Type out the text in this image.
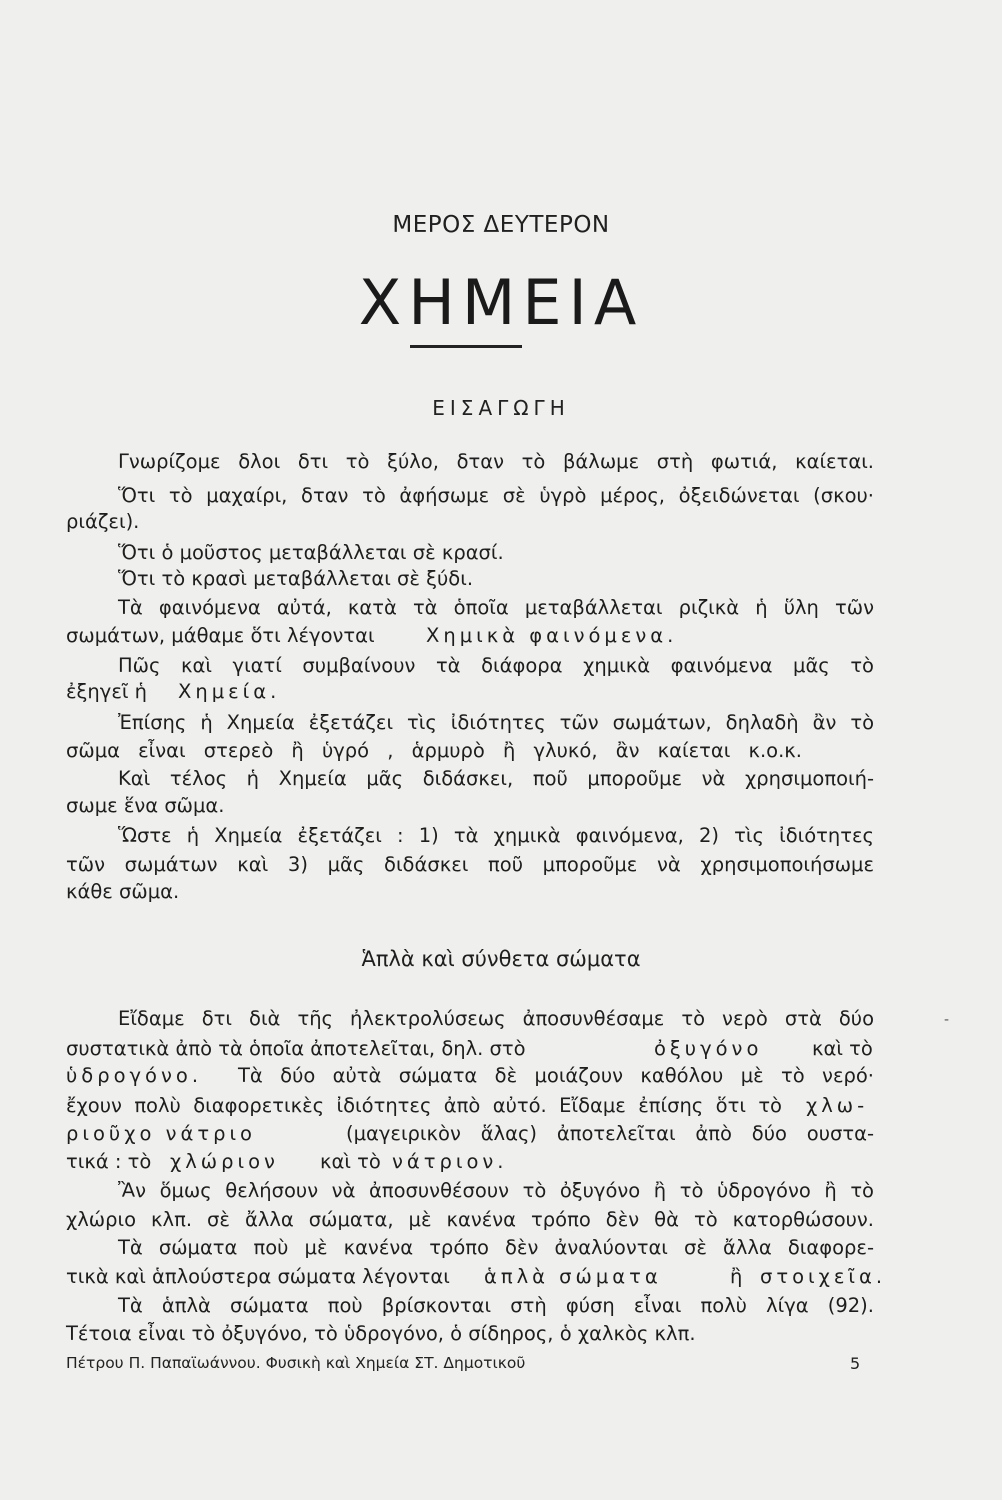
ΜΕΡΟΣ ΔΕΥΤΕΡΟΝ
ΧΗΜΕΙΑ
ΕΙΣΑΓΩΓΗ
Γνωρίζομε δλοι δτι τὸ ξύλο, δταν τὸ βάλωμε στὴ φωτιά, καίεται.
Ὅτι τὸ μαχαίρι, δταν τὸ ἀφήσωμε σὲ ὑγρὸ μέρος, ὀξειδώνεται (σκου·
ριάζει).
Ὅτι ὁ μοῦστος μεταβάλλεται σὲ κρασί.
Ὅτι τὸ κρασὶ μεταβάλλεται σὲ ξύδι.
Τὰ φαινόμενα αὐτά, κατὰ τὰ ὁποῖα μεταβάλλεται ριζικὰ ἡ ὕλη τῶν
σωμάτων, μάθαμε ὅτι λέγονται	Χημικὰ φαινόμενα.
Πῶς καὶ γιατί συμβαίνουν τὰ διάφορα χημικὰ φαινόμενα μᾶς τὸ
ἐξηγεῖ ἡ Χημεία.
Ἐπίσης ἡ Χημεία ἐξετάζει τὶς ἰδιότητες τῶν σωμάτων, δηλαδὴ ἂν τὸ
σῶμα εἶναι στερεὸ ἢ ὑγρό , ἁρμυρὸ ἢ γλυκό, ἂν καίεται κ.ο.κ.
Καὶ τέλος ἡ Χημεία μᾶς διδάσκει, ποῦ μποροῦμε νὰ χρησιμοποιή-
σωμε ἕνα σῶμα.
Ὥστε ἡ Χημεία ἐξετάζει : 1) τὰ χημικὰ φαινόμενα, 2) τὶς ἰδιότητες
τῶν σωμάτων καὶ 3) μᾶς διδάσκει ποῦ μποροῦμε νὰ χρησιμοποιήσωμε
κάθε σῶμα.
Ἁπλὰ καὶ σύνθετα σώματα
Εἴδαμε δτι διὰ τῆς ἠλεκτρολύσεως ἀποσυνθέσαμε τὸ νερὸ στὰ δύο
συστατικὰ ἀπὸ τὰ ὁποῖα ἀποτελεῖται, δηλ. στὸ	ὀξυγόνο	καὶ τὸ
ὑδρογόνο. Τὰ δύο αὐτὰ σώματα δὲ μοιάζουν καθόλου μὲ τὸ νερό·
ἔχουν πολὺ διαφορετικὲς ἰδιότητες ἀπὸ αὐτό. Εἴδαμε ἐπίσης ὅτι τὸ χλω-
ριοῦχο νάτριο	(μαγειρικὸν ἅλας) ἀποτελεῖται ἀπὸ δύο ουστα-
τικά : τὸ χλώριον καὶ τὸ νάτριον.
Ἂν ὅμως θελήσουν νὰ ἀποσυνθέσουν τὸ ὀξυγόνο ἢ τὸ ὑδρογόνο ἢ τὸ
χλώριο κλπ. σὲ ἄλλα σώματα, μὲ κανένα τρόπο δὲν θὰ τὸ κατορθώσουν.
Τὰ σώματα ποὺ μὲ κανένα τρόπο δὲν ἀναλύονται σὲ ἄλλα διαφορε-
τικὰ καὶ ἁπλούστερα σώματα λέγονται ἁπλὰ σώματα	ἢ στοιχεῖα.
Τὰ ἁπλὰ σώματα ποὺ βρίσκονται στὴ φύση εἶναι πολὺ λίγα (92).
Τέτοια εἶναι τὸ ὀξυγόνο, τὸ ὑδρογόνο, ὁ σίδηρος, ὁ χαλκὸς κλπ.
Πέτρου Π. Παπαϊωάννου. Φυσικὴ καὶ Χημεία ΣΤ. Δημοτικοῦ	5
-
